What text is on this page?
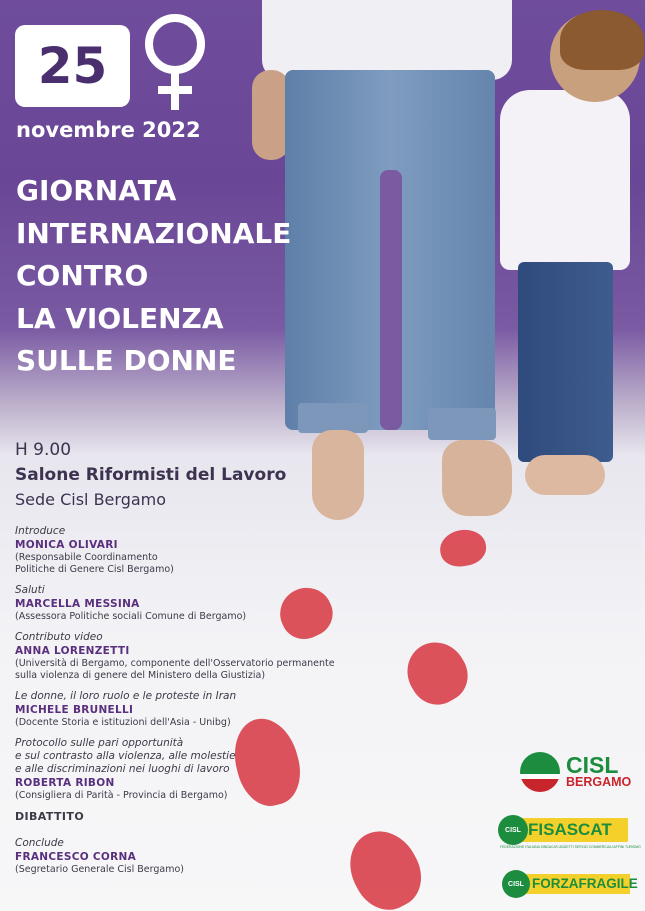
25
novembre 2022
GIORNATA
INTERNAZIONALE
CONTRO
LA VIOLENZA
SULLE DONNE
H 9.00
Salone Riformisti del Lavoro
Sede Cisl Bergamo
Introduce
MONICA OLIVARI
(Responsabile Coordinamento
Politiche di Genere Cisl Bergamo)
Saluti
MARCELLA MESSINA
(Assessora Politiche sociali Comune di Bergamo)
Contributo video
ANNA LORENZETTI
(Università di Bergamo, componente dell'Osservatorio permanente
sulla violenza di genere del Ministero della Giustizia)
Le donne, il loro ruolo e le proteste in Iran
MICHELE BRUNELLI
(Docente Storia e istituzioni dell'Asia - Unibg)
Protocollo sulle pari opportunità
e sul contrasto alla violenza, alle molestie
e alle discriminazioni nei luoghi di lavoro
ROBERTA RIBON
(Consigliera di Parità - Provincia di Bergamo)
DIBATTITO
Conclude
FRANCESCO CORNA
(Segretario Generale Cisl Bergamo)
CISL
BERGAMO
FISASCAT
CISL
FEDERAZIONE ITALIANA SINDACATI ADDETTI SERVIZI COMMERCIALI AFFINI TURISMO
FORZAFRAGILE
CISL
